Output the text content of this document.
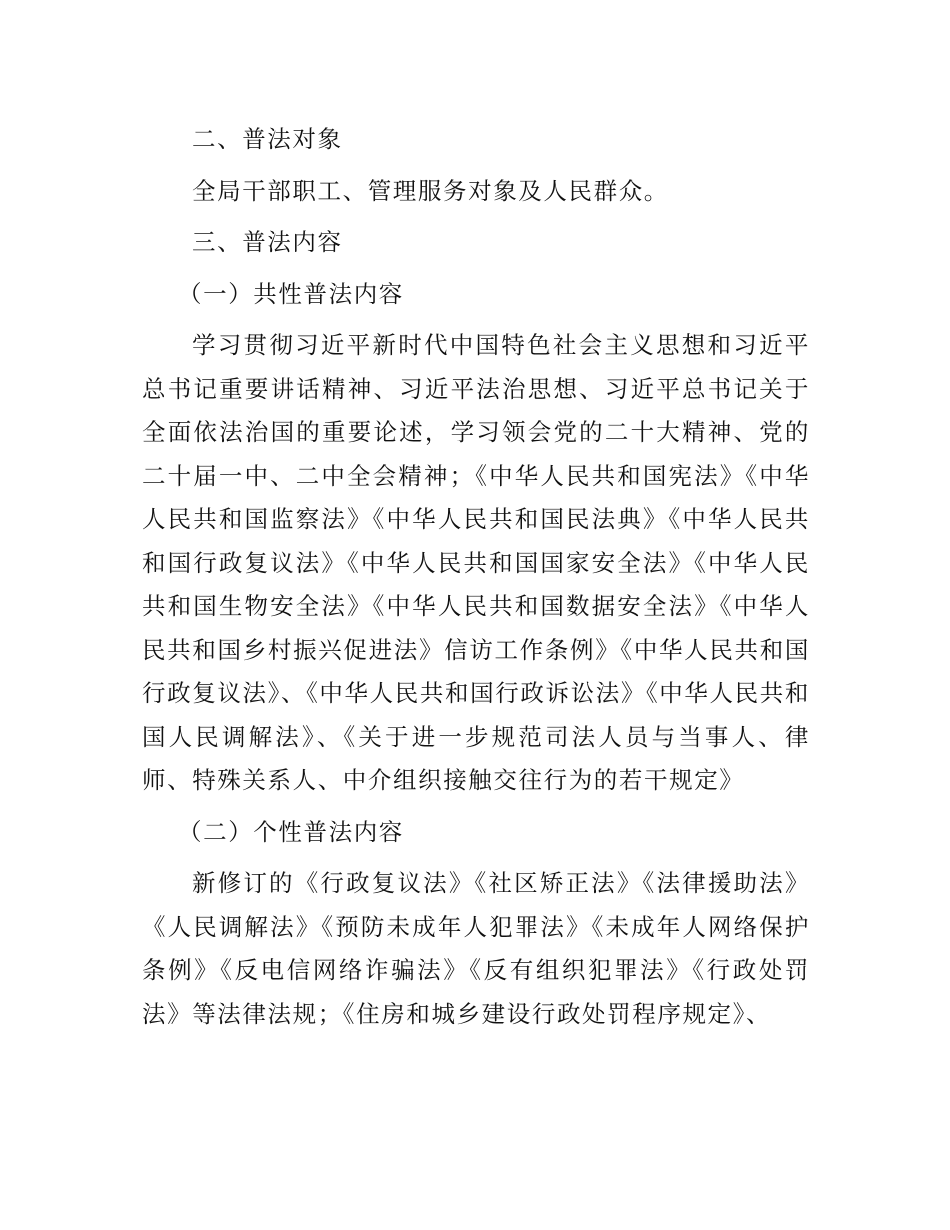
二、普法对象

全局干部职工、管理服务对象及人民群众。

三、普法内容

（一）共性普法内容

学习贯彻习近平新时代中国特色社会主义思想和习近平总书记重要讲话精神、习近平法治思想、习近平总书记关于全面依法治国的重要论述，学习领会党的二十大精神、党的二十届一中、二中全会精神；《中华人民共和国宪法》《中华人民共和国监察法》《中华人民共和国民法典》《中华人民共和国行政复议法》《中华人民共和国国家安全法》《中华人民共和国生物安全法》《中华人民共和国数据安全法》《中华人民共和国乡村振兴促进法》信访工作条例》《中华人民共和国行政复议法》、《中华人民共和国行政诉讼法》《中华人民共和国人民调解法》、《关于进一步规范司法人员与当事人、律师、特殊关系人、中介组织接触交往行为的若干规定》

（二）个性普法内容

新修订的《行政复议法》《社区矫正法》《法律援助法》《人民调解法》《预防未成年人犯罪法》《未成年人网络保护条例》《反电信网络诈骗法》《反有组织犯罪法》《行政处罚法》等法律法规；《住房和城乡建设行政处罚程序规定》、
